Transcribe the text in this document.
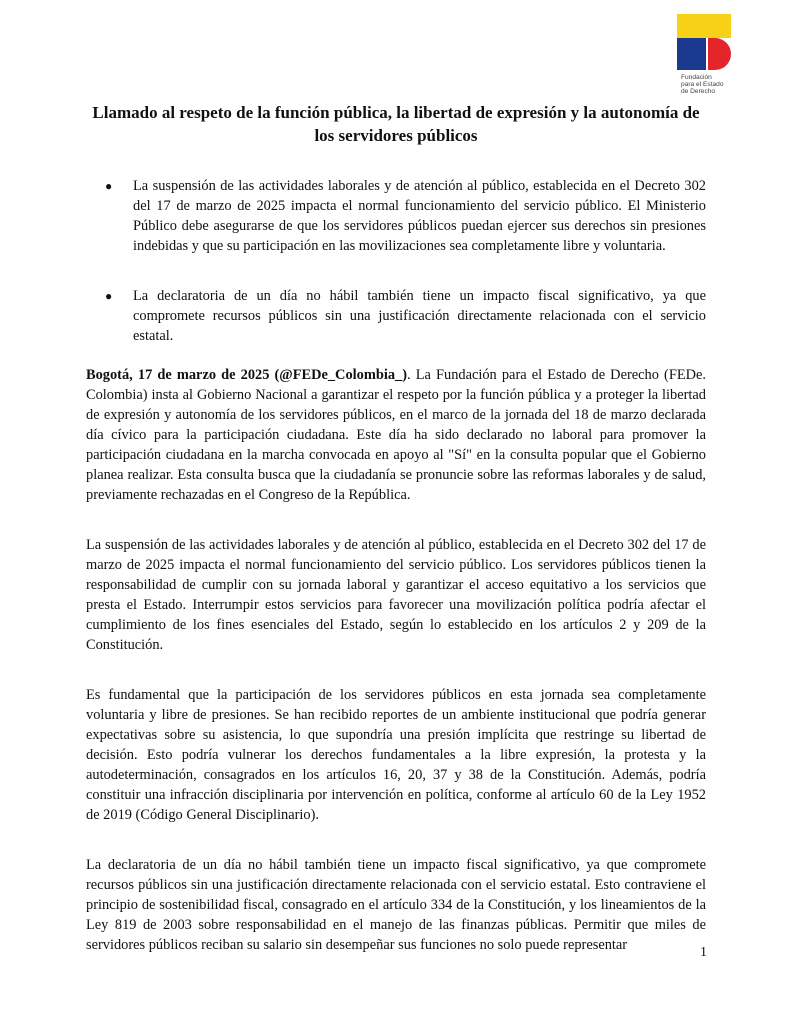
Fundación
para el Estado
de Derecho
Llamado al respeto de la función pública, la libertad de expresión y la autonomía de los servidores públicos
● La suspensión de las actividades laborales y de atención al público, establecida en el Decreto 302 del 17 de marzo de 2025 impacta el normal funcionamiento del servicio público. El Ministerio Público debe asegurarse de que los servidores públicos puedan ejercer sus derechos sin presiones indebidas y que su participación en las movilizaciones sea completamente libre y voluntaria.
● La declaratoria de un día no hábil también tiene un impacto fiscal significativo, ya que compromete recursos públicos sin una justificación directamente relacionada con el servicio estatal.

Bogotá, 17 de marzo de 2025 (@FEDe_Colombia_). La Fundación para el Estado de Derecho (FEDe. Colombia) insta al Gobierno Nacional a garantizar el respeto por la función pública y a proteger la libertad de expresión y autonomía de los servidores públicos, en el marco de la jornada del 18 de marzo declarada día cívico para la participación ciudadana. Este día ha sido declarado no laboral para promover la participación ciudadana en la marcha convocada en apoyo al "Sí" en la consulta popular que el Gobierno planea realizar. Esta consulta busca que la ciudadanía se pronuncie sobre las reformas laborales y de salud, previamente rechazadas en el Congreso de la República.

La suspensión de las actividades laborales y de atención al público, establecida en el Decreto 302 del 17 de marzo de 2025 impacta el normal funcionamiento del servicio público. Los servidores públicos tienen la responsabilidad de cumplir con su jornada laboral y garantizar el acceso equitativo a los servicios que presta el Estado. Interrumpir estos servicios para favorecer una movilización política podría afectar el cumplimiento de los fines esenciales del Estado, según lo establecido en los artículos 2 y 209 de la Constitución.

Es fundamental que la participación de los servidores públicos en esta jornada sea completamente voluntaria y libre de presiones. Se han recibido reportes de un ambiente institucional que podría generar expectativas sobre su asistencia, lo que supondría una presión implícita que restringe su libertad de decisión. Esto podría vulnerar los derechos fundamentales a la libre expresión, la protesta y la autodeterminación, consagrados en los artículos 16, 20, 37 y 38 de la Constitución. Además, podría constituir una infracción disciplinaria por intervención en política, conforme al artículo 60 de la Ley 1952 de 2019 (Código General Disciplinario).

La declaratoria de un día no hábil también tiene un impacto fiscal significativo, ya que compromete recursos públicos sin una justificación directamente relacionada con el servicio estatal. Esto contraviene el principio de sostenibilidad fiscal, consagrado en el artículo 334 de la Constitución, y los lineamientos de la Ley 819 de 2003 sobre responsabilidad en el manejo de las finanzas públicas. Permitir que miles de servidores públicos reciban su salario sin desempeñar sus funciones no solo puede representar	1
